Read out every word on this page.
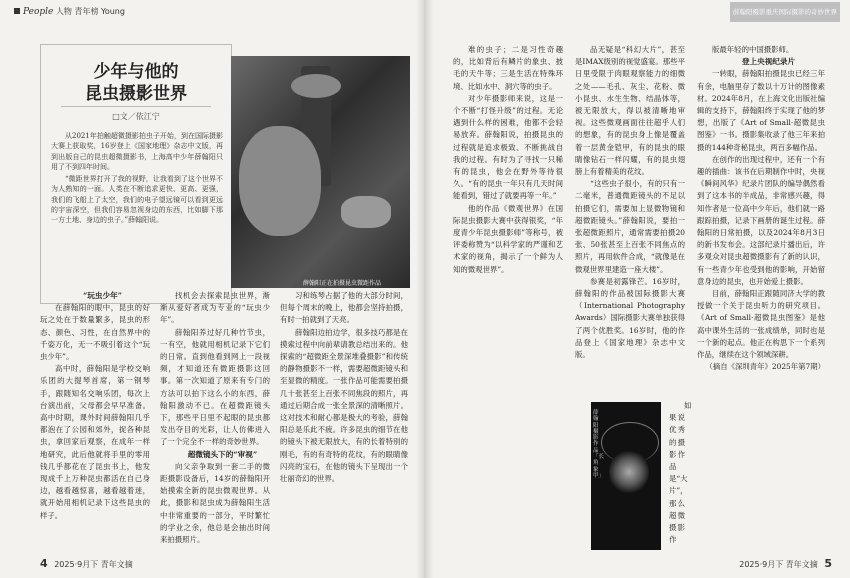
People 人物 青年榜 Young
少年与他的
昆虫摄影世界
□文／依江宁

从2021年拍触超微摄影拍虫子开始，到在国际摄影大赛上获取奖，16岁登上《国家地理》杂志中文版，再到出版自己的昆虫超微摄影书，上海高中少年薛翰阳只用了不到四年时间。

“微距世界打开了我的视野，让我看到了这个世界不为人熟知的一面。人类在不断追求更快、更高、更强，我们的飞船上了太空，我们的电子望远镜可以看到更远的宇宙深空，但我们容易忽视身边的东西，比如脚下那一方土地、身边的虫子。”薛翰阳说。

薛翰阳正在拍摄昆虫微距作品

“玩虫少年”

在薛翰阳的眼中，昆虫的好玩之处在于数量繁多，昆虫的形态、颜色、习性，在自然界中的千姿万化，无一不吸引着这个“玩虫少年”。

高中时，薛翰阳是学校交响乐团的大提琴首席，第一钢琴手，跟随知名交响乐团，每次上台演出前，父母都会早早准备。高中时期，课外时间薛翰阳几乎都泡在了公园和郊外，捉各种昆虫，拿回家后观察，在成年一样地研究，此后他就将手里的零用钱几乎都花在了昆虫书上，他发现成千上万种昆虫都活在自己身边，越看越惊喜，越看越着迷，就开始用相机记录下这些昆虫的样子。

找机会去探索昆虫世界，渐渐从爱好者成为专业的“玩虫少年”。

薛翰阳养过好几种竹节虫，一有空，他就用相机记录下它们的日常。直到他看到网上一段视频，才知道还有微距摄影这回事。第一次知道了原来有专门的方法可以拍下这么小的东西，薛翰阳激动不已。在超微距镜头下，那些平日里不起眼的昆虫都发出夺目的光彩，让人仿佛进入了一个完全不一样的奇妙世界。

超微镜头下的“审视”

向父亲争取到一套二手的微距摄影设备后，14岁的薛翰阳开始摸索全新的昆虫微观世界。从此，摄影和昆虫成为薛翰阳生活中非常重要的一部分，平时繁忙的学业之余，他总是会抽出时间来拍摄照片。

习和练琴占据了他的大部分时间，但每个周末的晚上，他都会坚持拍摄，有时一拍就到了天亮。

薛翰阳边拍边学，很多技巧都是在摸索过程中向前辈请教总结出来的。他探索的“超微距全景深堆叠摄影”和传统的静物摄影不一样，需要超微距镜头和至显微的精度。一张作品可能需要拍摄几十张甚至上百张不同焦段的照片，再通过后期合成一张全景深的清晰照片。这对技术和耐心都是极大的考验，薛翰阳总是乐此不疲。许多昆虫的细节在他的镜头下被无限放大，有的长着特别的刚毛，有的有奇特的花纹，有的眼睛像闪亮的宝石，在他的镜头下呈现出一个壮丽奇幻的世界。

4 2025·9月下 青年文摘
薛翰阳摄影重庆国际摄影的奇妙世界

难的虫子；二是习性奇趣的，比如背后有鳞片的象虫、披毛的天牛等；三是生活在特殊环境、比如水中、洞穴等的虫子。

对少年摄影师来说，这是一个不断“打怪升级”的过程。无论遇到什么样的困难，他都不会轻易放弃。薛翰阳说，拍摄昆虫的过程就是追求极致、不断挑战自我的过程。有时为了寻找一只稀有的昆虫，他会在野外等待很久。“有的昆虫一年只有几天时间能看到，错过了就要再等一年。”

他的作品《微观世界》在国际昆虫摄影大赛中获得银奖，“年度青少年昆虫摄影师”等称号，被评委称赞为“以科学家的严谨和艺术家的视角，揭示了一个鲜为人知的微观世界”。

品无疑是“科幻大片”，甚至是IMAX级别的视觉盛宴。那些平日里受限于肉眼观察能力的细微之处——毛孔、灰尘、花粉、微小昆虫、水生生物、结晶体等，被无限放大，得以被清晰地审视。这些微观画面往往超乎人们的想象，有的昆虫身上像是覆盖着一层黄金铠甲，有的昆虫的眼睛像钻石一样闪耀，有的昆虫翅膀上有着精美的花纹。

“这些虫子很小，有的只有一二毫米，普通微距镜头的不足以拍摄它们，需要加上显微物镜和超微距镜头。”薛翰阳说，要拍一张超微距照片，通常需要拍摄20张、50张甚至上百张不同焦点的照片，再用软件合成，“就像是在微观世界里建造一座大楼”。

参赛是初露锋芒。16岁时，薛翰阳的作品被国际摄影大赛（International Photography Awards）国际摄影大赛单独获得了两个优胜奖。16岁时，他的作品登上《国家地理》杂志中文版。

薛翰阳摄影作品「长角象甲」

如果说优秀的摄影作品是“大片”，那么超微摄影作

版最年轻的中国摄影师。

登上央视纪录片

一转眼，薛翰阳拍摄昆虫已经三年有余，电脑里存了数以十万计的图像素材。2024年8月，在上海文化出版社编辑的支持下，薛翰阳终于实现了他的梦想，出版了《Art of Small·超微昆虫图鉴》一书。摄影集收录了他三年来拍摄的144种奇秘昆虫，两百多幅作品。

在创作的出现过程中，还有一个有趣的插曲：该书在后期制作中时，央视《瞬间风华》纪录片团队的编导偶然看到了这本书的半成品，非常感兴趣，得知作者是一位高中少年后，他们就一路跟踪拍摄，记录下画册的诞生过程。薛翰阳的日常拍摄，以及2024年8月3日的新书发布会。这部纪录片播出后，许多观众对昆虫超微摄影有了新的认识，有一些青少年也受到他的影响，开始留意身边的昆虫，也开始爱上摄影。

目前，薛翰阳正跟随同济大学的教授做一个关于昆虫听力的研究项目。《Art of Small·超微昆虫图鉴》是他高中课外生活的一张成绩单，同时也是一个新的起点。他正在构思下一个系列作品，继续在这个领域深耕。

（摘自《深圳青年》2025年第7期）

2025·9月下 青年文摘 5
